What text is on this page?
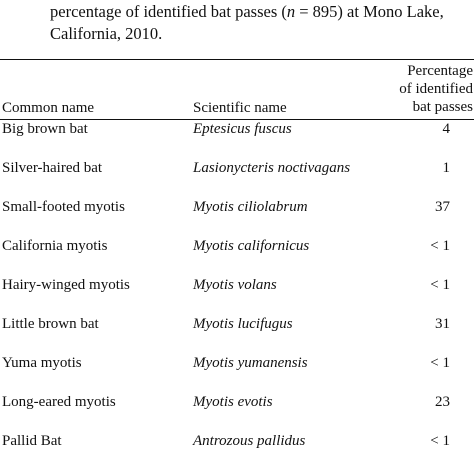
percentage of identified bat passes (n = 895) at Mono Lake,
California, 2010.
Common name	Scientific name
Percentage
of identified
bat passes
Big brown bat	Eptesicus fuscus	4
Silver-haired bat	Lasionycteris noctivagans	1
Small-footed myotis	Myotis ciliolabrum	37
California myotis	Myotis californicus	< 1
Hairy-winged myotis	Myotis volans	< 1
Little brown bat	Myotis lucifugus	31
Yuma myotis	Myotis yumanensis	< 1
Long-eared myotis	Myotis evotis	23
Pallid Bat	Antrozous pallidus	< 1
